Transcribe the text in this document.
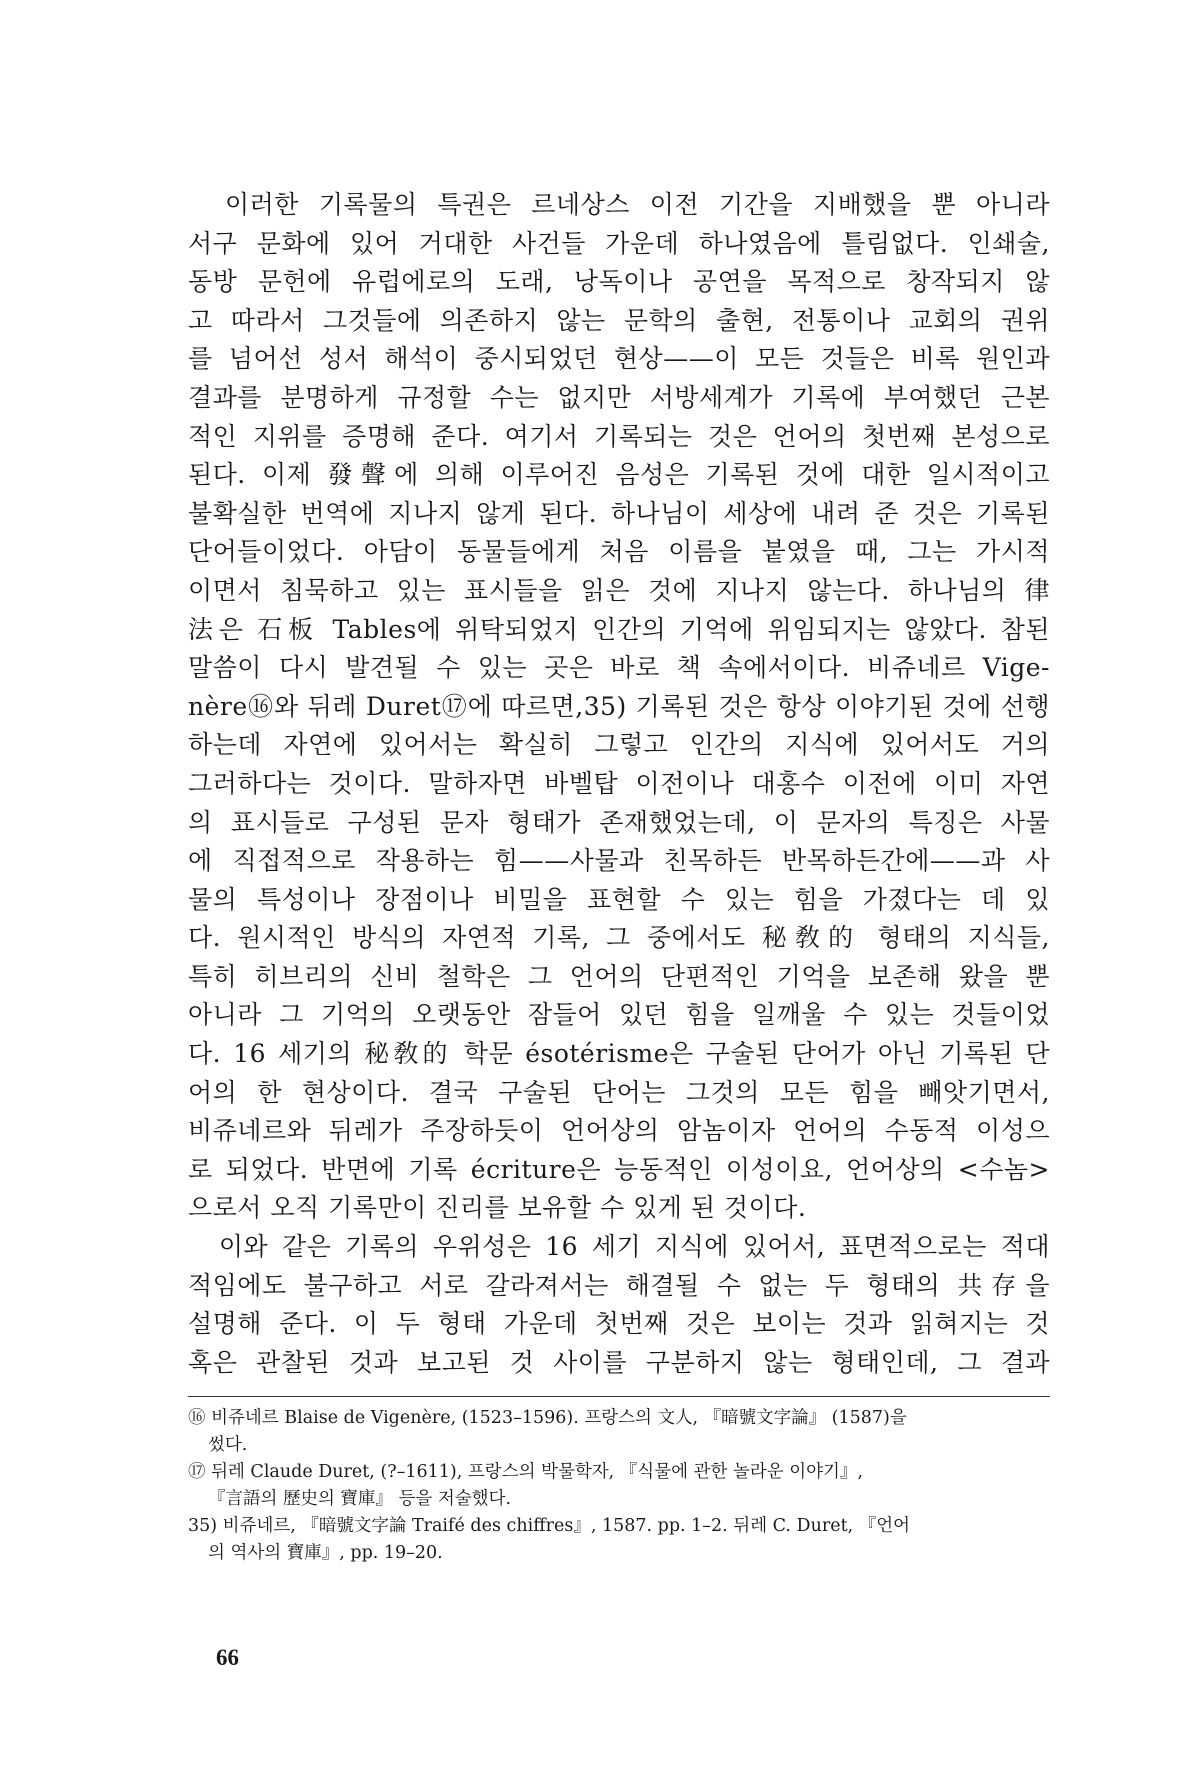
　이러한 기록물의 특권은 르네상스 이전 기간을 지배했을 뿐 아니라
서구 문화에 있어 거대한 사건들 가운데 하나였음에 틀림없다. 인쇄술,
동방 문헌에 유럽에로의 도래, 낭독이나 공연을 목적으로 창작되지 않
고 따라서 그것들에 의존하지 않는 문학의 출현, 전통이나 교회의 권위
를 넘어선 성서 해석이 중시되었던 현상——이 모든 것들은 비록 원인과
결과를 분명하게 규정할 수는 없지만 서방세계가 기록에 부여했던 근본
적인 지위를 증명해 준다. 여기서 기록되는 것은 언어의 첫번째 본성으로
된다. 이제 發聲에 의해 이루어진 음성은 기록된 것에 대한 일시적이고
불확실한 번역에 지나지 않게 된다. 하나님이 세상에 내려 준 것은 기록된
단어들이었다. 아담이 동물들에게 처음 이름을 붙였을 때, 그는 가시적
이면서 침묵하고 있는 표시들을 읽은 것에 지나지 않는다. 하나님의 律
法은 石板 Tables에 위탁되었지 인간의 기억에 위임되지는 않았다. 참된
말씀이 다시 발견될 수 있는 곳은 바로 책 속에서이다. 비쥬네르 Vige-
nère⑯와 뒤레 Duret⑰에 따르면,35) 기록된 것은 항상 이야기된 것에 선행
하는데 자연에 있어서는 확실히 그렇고 인간의 지식에 있어서도 거의
그러하다는 것이다. 말하자면 바벨탑 이전이나 대홍수 이전에 이미 자연
의 표시들로 구성된 문자 형태가 존재했었는데, 이 문자의 특징은 사물
에 직접적으로 작용하는 힘——사물과 친목하든 반목하든간에——과 사
물의 특성이나 장점이나 비밀을 표현할 수 있는 힘을 가졌다는 데 있
다. 원시적인 방식의 자연적 기록, 그 중에서도 秘敎的 형태의 지식들,
특히 히브리의 신비 철학은 그 언어의 단편적인 기억을 보존해 왔을 뿐
아니라 그 기억의 오랫동안 잠들어 있던 힘을 일깨울 수 있는 것들이었
다. 16 세기의 秘敎的 학문 ésotérisme은 구술된 단어가 아닌 기록된 단
어의 한 현상이다. 결국 구술된 단어는 그것의 모든 힘을 빼앗기면서,
비쥬네르와 뒤레가 주장하듯이 언어상의 암놈이자 언어의 수동적 이성으
로 되었다. 반면에 기록 écriture은 능동적인 이성이요, 언어상의 <수놈>
으로서 오직 기록만이 진리를 보유할 수 있게 된 것이다.
　이와 같은 기록의 우위성은 16 세기 지식에 있어서, 표면적으로는 적대
적임에도 불구하고 서로 갈라져서는 해결될 수 없는 두 형태의 共存을
설명해 준다. 이 두 형태 가운데 첫번째 것은 보이는 것과 읽혀지는 것
혹은 관찰된 것과 보고된 것 사이를 구분하지 않는 형태인데, 그 결과
⑯ 비쥬네르 Blaise de Vigenère, (1523–1596). 프랑스의 文人, 『暗號文字論』 (1587)을
썼다.
⑰ 뒤레 Claude Duret, (?–1611), 프랑스의 박물학자, 『식물에 관한 놀라운 이야기』,
『言語의 歷史의 寶庫』 등을 저술했다.
35) 비쥬네르, 『暗號文字論 Traifé des chiffres』, 1587. pp. 1–2. 뒤레 C. Duret, 『언어
의 역사의 寶庫』, pp. 19–20.
66
